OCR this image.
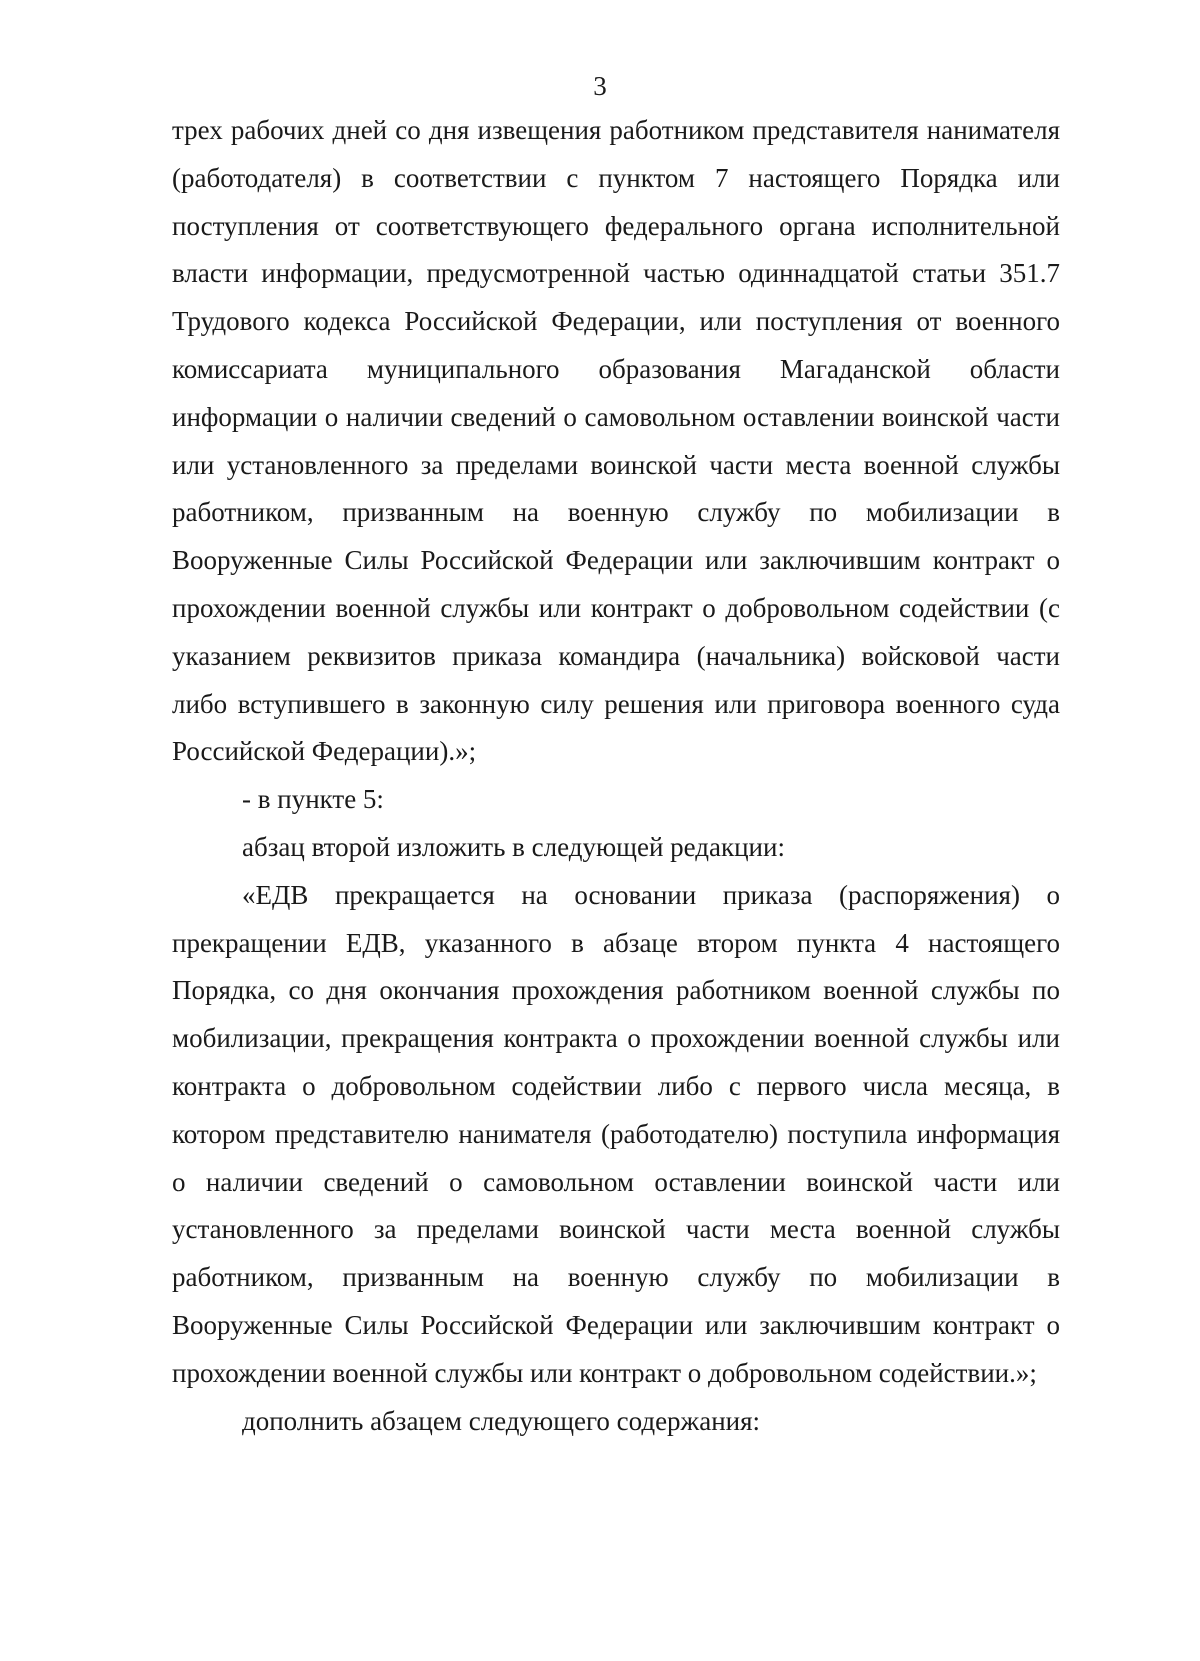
3

трех рабочих дней со дня извещения работником представителя нанимателя (работодателя) в соответствии с пунктом 7 настоящего Порядка или поступления от соответствующего федерального органа исполнительной власти информации, предусмотренной частью одиннадцатой статьи 351.7 Трудового кодекса Российской Федерации, или поступления от военного комиссариата муниципального образования Магаданской области информации о наличии сведений о самовольном оставлении воинской части или установленного за пределами воинской части места военной службы работником, призванным на военную службу по мобилизации в Вооруженные Силы Российской Федерации или заключившим контракт о прохождении военной службы или контракт о добровольном содействии (с указанием реквизитов приказа командира (начальника) войсковой части либо вступившего в законную силу решения или приговора военного суда Российской Федерации).»;

- в пункте 5:

абзац второй изложить в следующей редакции:

«ЕДВ прекращается на основании приказа (распоряжения) о прекращении ЕДВ, указанного в абзаце втором пункта 4 настоящего Порядка, со дня окончания прохождения работником военной службы по мобилизации, прекращения контракта о прохождении военной службы или контракта о добровольном содействии либо с первого числа месяца, в котором представителю нанимателя (работодателю) поступила информация о наличии сведений о самовольном оставлении воинской части или установленного за пределами воинской части места военной службы работником, призванным на военную службу по мобилизации в Вооруженные Силы Российской Федерации или заключившим контракт о прохождении военной службы или контракт о добровольном содействии.»;

дополнить абзацем следующего содержания:
